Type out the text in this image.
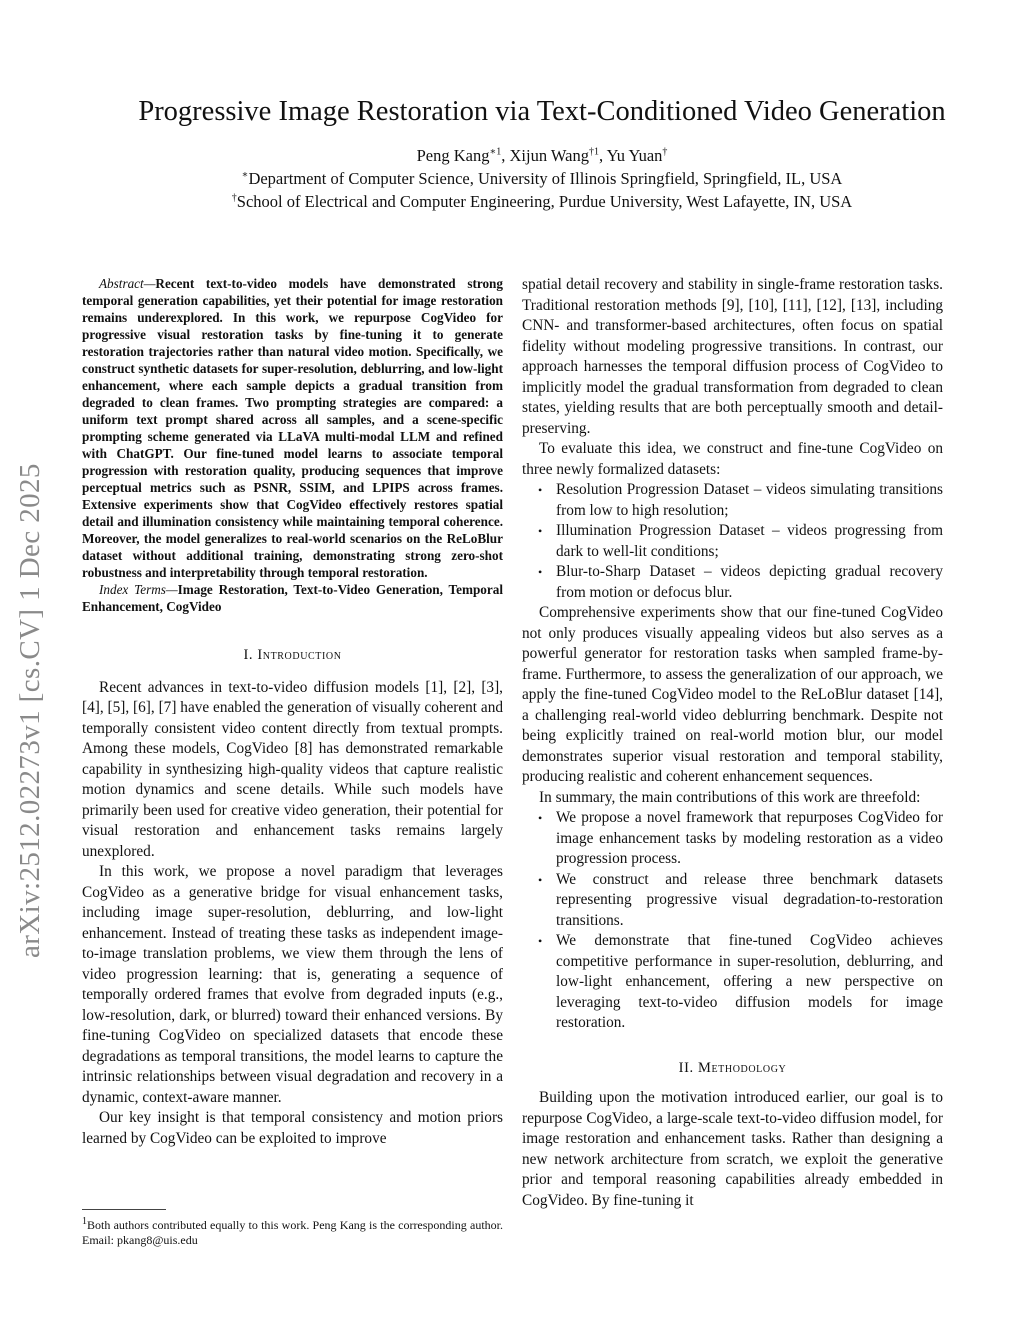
arXiv:2512.02273v1 [cs.CV] 1 Dec 2025
Progressive Image Restoration via Text-Conditioned Video Generation
Peng Kang$^{∗1}$, Xijun Wang$^{\dagger 1}$, Yu Yuan†
∗Department of Computer Science, University of Illinois Springfield, Springfield, IL, USA
†School of Electrical and Computer Engineering, Purdue University, West Lafayette, IN, USA

Abstract—Recent text-to-video models have demonstrated strong temporal generation capabilities, yet their potential for image restoration remains underexplored. In this work, we repurpose CogVideo for progressive visual restoration tasks by fine-tuning it to generate restoration trajectories rather than natural video motion. Specifically, we construct synthetic datasets for super-resolution, deblurring, and low-light enhancement, where each sample depicts a gradual transition from degraded to clean frames. Two prompting strategies are compared: a uniform text prompt shared across all samples, and a scene-specific prompting scheme generated via LLaVA multi-modal LLM and refined with ChatGPT. Our fine-tuned model learns to associate temporal progression with restoration quality, producing sequences that improve perceptual metrics such as PSNR, SSIM, and LPIPS across frames. Extensive experiments show that CogVideo effectively restores spatial detail and illumination consistency while maintaining temporal coherence. Moreover, the model generalizes to real-world scenarios on the ReLoBlur dataset without additional training, demonstrating strong zero-shot robustness and interpretability through temporal restoration.

Index Terms—Image Restoration, Text-to-Video Generation, Temporal Enhancement, CogVideo

I. Introduction

Recent advances in text-to-video diffusion models [1], [2], [3], [4], [5], [6], [7] have enabled the generation of visually coherent and temporally consistent video content directly from textual prompts. Among these models, CogVideo [8] has demonstrated remarkable capability in synthesizing high-quality videos that capture realistic motion dynamics and scene details. While such models have primarily been used for creative video generation, their potential for visual restoration and enhancement tasks remains largely unexplored.

In this work, we propose a novel paradigm that leverages CogVideo as a generative bridge for visual enhancement tasks, including image super-resolution, deblurring, and low-light enhancement. Instead of treating these tasks as independent image-to-image translation problems, we view them through the lens of video progression learning: that is, generating a sequence of temporally ordered frames that evolve from degraded inputs (e.g., low-resolution, dark, or blurred) toward their enhanced versions. By fine-tuning CogVideo on specialized datasets that encode these degradations as temporal transitions, the model learns to capture the intrinsic relationships between visual degradation and recovery in a dynamic, context-aware manner.

Our key insight is that temporal consistency and motion priors learned by CogVideo can be exploited to improve

$^1$Both authors contributed equally to this work. Peng Kang is the corresponding author. Email: pkang8@uis.edu

spatial detail recovery and stability in single-frame restoration tasks. Traditional restoration methods [9], [10], [11], [12], [13], including CNN- and transformer-based architectures, often focus on spatial fidelity without modeling progressive transitions. In contrast, our approach harnesses the temporal diffusion process of CogVideo to implicitly model the gradual transformation from degraded to clean states, yielding results that are both perceptually smooth and detail-preserving.

To evaluate this idea, we construct and fine-tune CogVideo on three newly formalized datasets:

• Resolution Progression Dataset – videos simulating transitions from low to high resolution;
• Illumination Progression Dataset – videos progressing from dark to well-lit conditions;
• Blur-to-Sharp Dataset – videos depicting gradual recovery from motion or defocus blur.

Comprehensive experiments show that our fine-tuned CogVideo not only produces visually appealing videos but also serves as a powerful generator for restoration tasks when sampled frame-by-frame. Furthermore, to assess the generalization of our approach, we apply the fine-tuned CogVideo model to the ReLoBlur dataset [14], a challenging real-world video deblurring benchmark. Despite not being explicitly trained on real-world motion blur, our model demonstrates superior visual restoration and temporal stability, producing realistic and coherent enhancement sequences.

In summary, the main contributions of this work are threefold:

• We propose a novel framework that repurposes CogVideo for image enhancement tasks by modeling restoration as a video progression process.
• We construct and release three benchmark datasets representing progressive visual degradation-to-restoration transitions.
• We demonstrate that fine-tuned CogVideo achieves competitive performance in super-resolution, deblurring, and low-light enhancement, offering a new perspective on leveraging text-to-video diffusion models for image restoration.
II. Methodology

Building upon the motivation introduced earlier, our goal is to repurpose CogVideo, a large-scale text-to-video diffusion model, for image restoration and enhancement tasks. Rather than designing a new network architecture from scratch, we exploit the generative prior and temporal reasoning capabilities already embedded in CogVideo. By fine-tuning it
